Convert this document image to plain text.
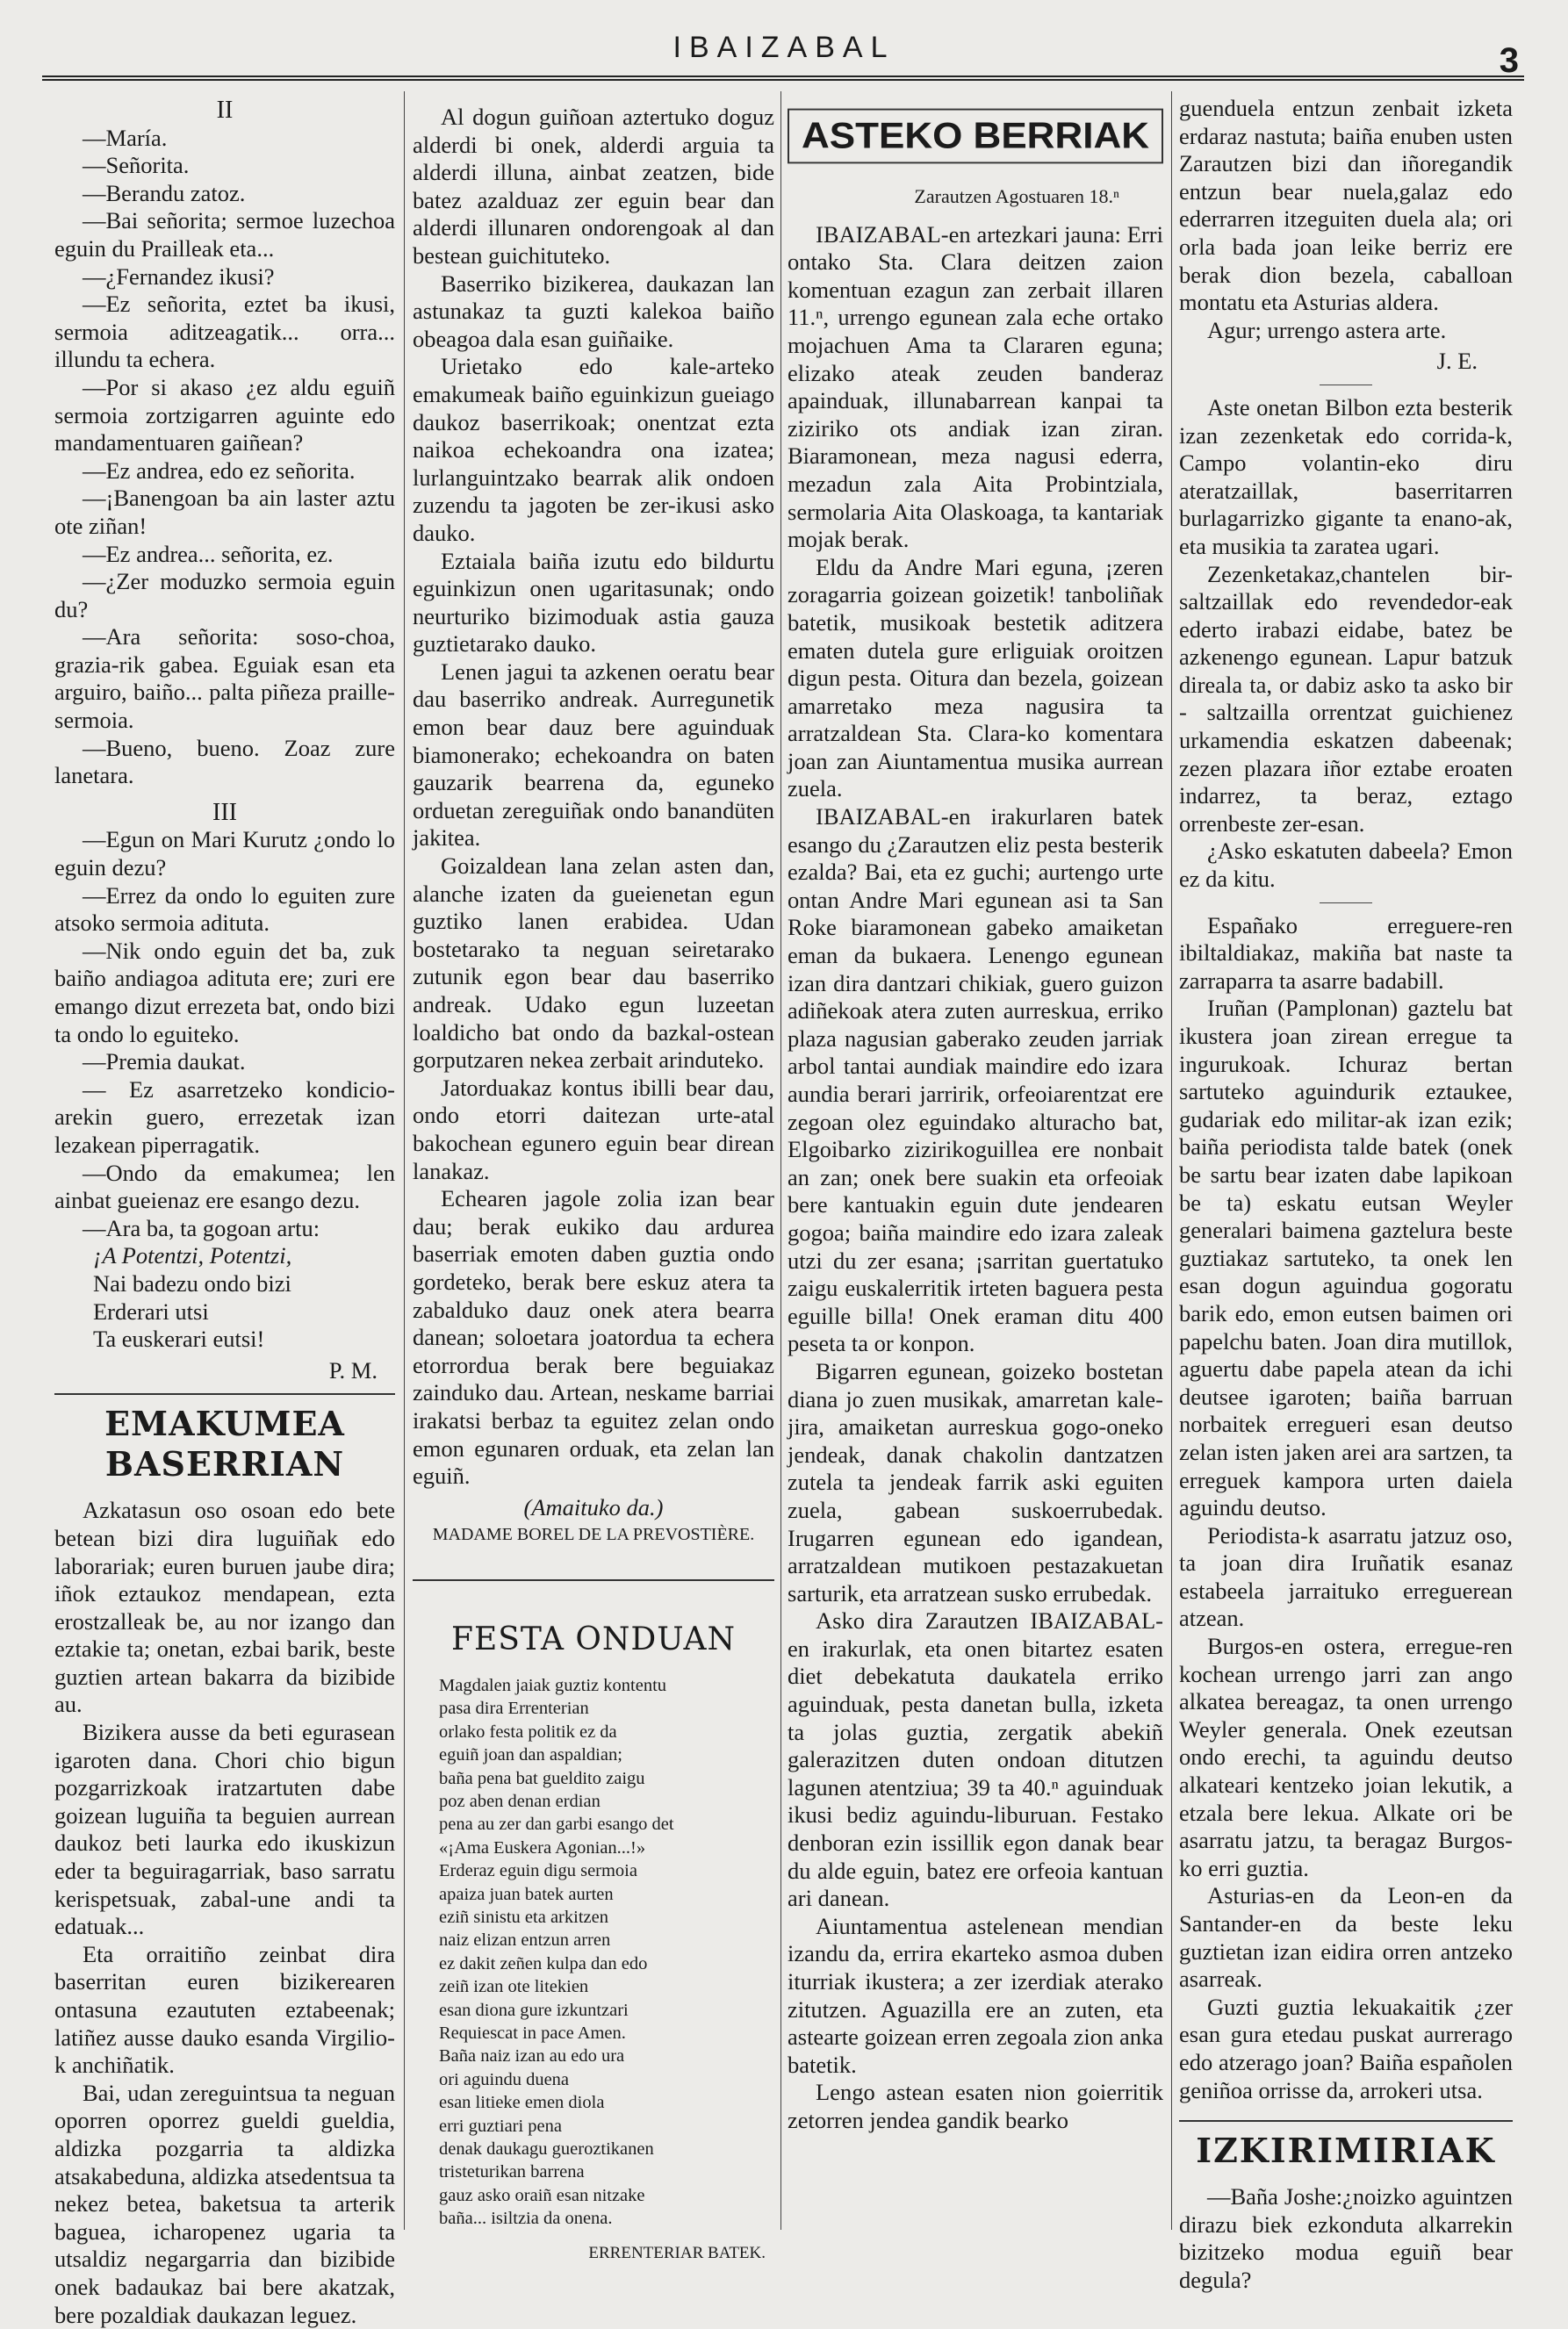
IBAIZABAL	3

II

—María.

—Señorita.

—Berandu zatoz.

—Bai señorita; sermoe luzechoa eguin du Prailleak eta...

—¿Fernandez ikusi?

—Ez señorita, eztet ba ikusi, sermoia aditzeagatik... orra... illundu ta echera.

—Por si akaso ¿ez aldu eguiñ sermoia zortzigarren aguinte edo mandamentuaren gaiñean?

—Ez andrea, edo ez señorita.

—¡Banengoan ba ain laster aztu ote ziñan!

—Ez andrea... señorita, ez.

—¿Zer moduzko sermoia eguin du?

—Ara señorita: soso-choa, grazia-rik gabea. Eguiak esan eta arguiro, baiño... palta piñeza praille-sermoia.

—Bueno, bueno. Zoaz zure lanetara.

III

—Egun on Mari Kurutz ¿ondo lo eguin dezu?

—Errez da ondo lo eguiten zure atsoko sermoia adituta.

—Nik ondo eguin det ba, zuk baiño andiagoa adituta ere; zuri ere emango dizut errezeta bat, ondo bizi ta ondo lo eguiteko.

—Premia daukat.

— Ez asarretzeko kondicio-arekin guero, errezetak izan lezakean piperragatik.

—Ondo da emakumea; len ainbat gueienaz ere esango dezu.

—Ara ba, ta gogoan artu:

¡A Potentzi, Potentzi,

Nai badezu ondo bizi

Erderari utsi

Ta euskerari eutsi!

P. M.

EMAKUMEA BASERRIAN

Azkatasun oso osoan edo bete betean bizi dira luguiñak edo laborariak; euren buruen jaube dira; iñok eztaukoz mendapean, ezta erostzalleak be, au nor izango dan eztakie ta; onetan, ezbai barik, beste guztien artean bakarra da bizibide au.

Bizikera ausse da beti egurasean igaroten dana. Chori chio bigun pozgarrizkoak iratzartuten dabe goizean luguiña ta beguien aurrean daukoz beti laurka edo ikuskizun eder ta beguiragarriak, baso sarratu kerispetsuak, zabal-une andi ta edatuak...

Eta orraitiño zeinbat dira baserritan euren bizikerearen ontasuna ezaututen eztabeenak; latiñez ausse dauko esanda Virgilio-k anchiñatik.

Bai, udan zereguintsua ta neguan oporren oporrez gueldi gueldia, aldizka pozgarria ta aldizka atsakabeduna, aldizka atsedentsua ta nekez betea, baketsua ta arterik baguea, icharopenez ugaria ta utsaldiz negargarria dan bizibide onek badaukaz bai bere akatzak, bere pozaldiak daukazan leguez.

Al dogun guiñoan aztertuko doguz alderdi bi onek, alderdi arguia ta alderdi illuna, ainbat zeatzen, bide batez azalduaz zer eguin bear dan alderdi illunaren ondorengoak al dan bestean guichituteko.

Baserriko bizikerea, daukazan lan astunakaz ta guzti kalekoa baiño obeagoa dala esan guiñaike.

Urietako edo kale-arteko emakumeak baiño eguinkizun gueiago daukoz baserrikoak; onentzat ezta naikoa echekoandra ona izatea; lurlanguintzako bearrak alik ondoen zuzendu ta jagoten be zer-ikusi asko dauko.

Eztaiala baiña izutu edo bildurtu eguinkizun onen ugaritasunak; ondo neurturiko bizimoduak astia gauza guztietarako dauko.

Lenen jagui ta azkenen oeratu bear dau baserriko andreak. Aurregunetik emon bear dauz bere aguinduak biamonerako; echekoandra on baten gauzarik bearrena da, eguneko orduetan zereguiñak ondo banandüten jakitea.

Goizaldean lana zelan asten dan, alanche izaten da gueienetan egun guztiko lanen erabidea. Udan bostetarako ta neguan seiretarako zutunik egon bear dau baserriko andreak. Udako egun luzeetan loaldicho bat ondo da bazkal-ostean gorputzaren nekea zerbait arinduteko.

Jatorduakaz kontus ibilli bear dau, ondo etorri daitezan urte-atal bakochean egunero eguin bear direan lanakaz.

Echearen jagole zolia izan bear dau; berak eukiko dau ardurea baserriak emoten daben guztia ondo gordeteko, berak bere eskuz atera ta zabalduko dauz onek atera bearra danean; soloetara joatordua ta echera etorrordua berak bere beguiakaz zainduko dau. Artean, neskame barriai irakatsi berbaz ta eguitez zelan ondo emon egunaren orduak, eta zelan lan eguiñ.

(Amaituko da.)

MADAME BOREL DE LA PREVOSTIÈRE.

FESTA ONDUAN

Magdalen jaiak guztiz kontentu

pasa dira Errenterian

orlako festa politik ez da

eguiñ joan dan aspaldian;

baña pena bat gueldito zaigu

poz aben denan erdian

pena au zer dan garbi esango det

«¡Ama Euskera Agonian...!»

Erderaz eguin digu sermoia

apaiza juan batek aurten

eziñ sinistu eta arkitzen

naiz elizan entzun arren

ez dakit zeñen kulpa dan edo

zeiñ izan ote litekien

esan diona gure izkuntzari

Requiescat in pace Amen.

Baña naiz izan au edo ura

ori aguindu duena

esan litieke emen diola

erri guztiari pena

denak daukagu gueroztikanen

tristeturikan barrena

gauz asko oraiñ esan nitzake

baña... isiltzia da onena.

ERRENTERIAR BATEK.

ASTEKO BERRIAK

Zarautzen Agostuaren 18.ⁿ

IBAIZABAL-en artezkari jauna: Erri ontako Sta. Clara deitzen zaion komentuan ezagun zan zerbait illaren 11.ⁿ, urrengo egunean zala eche ortako mojachuen Ama ta Clararen eguna; elizako ateak zeuden banderaz apainduak, illunabarrean kanpai ta ziziriko ots andiak izan ziran. Biaramonean, meza nagusi ederra, mezadun zala Aita Probintziala, sermolaria Aita Olaskoaga, ta kantariak mojak berak.

Eldu da Andre Mari eguna, ¡zeren zoragarria goizean goizetik! tanboliñak batetik, musikoak bestetik aditzera ematen dutela gure erliguiak oroitzen digun pesta. Oitura dan bezela, goizean amarretako meza nagusira ta arratzaldean Sta. Clara-ko komentara joan zan Aiuntamentua musika aurrean zuela.

IBAIZABAL-en irakurlaren batek esango du ¿Zarautzen eliz pesta besterik ezalda? Bai, eta ez guchi; aurtengo urte ontan Andre Mari egunean asi ta San Roke biaramonean gabeko amaiketan eman da bukaera. Lenengo egunean izan dira dantzari chikiak, guero guizon adiñekoak atera zuten aurreskua, erriko plaza nagusian gaberako zeuden jarriak arbol tantai aundiak maindire edo izara aundia berari jarririk, orfeoiarentzat ere zegoan olez eguindako alturacho bat, Elgoibarko zizirikoguillea ere nonbait an zan; onek bere suakin eta orfeoiak bere kantuakin eguin dute jendearen gogoa; baiña maindire edo izara zaleak utzi du zer esana; ¡sarritan guertatuko zaigu euskalerritik irteten baguera pesta eguille billa! Onek eraman ditu 400 peseta ta or konpon.

Bigarren egunean, goizeko bostetan diana jo zuen musikak, amarretan kale-jira, amaiketan aurreskua gogo-oneko jendeak, danak chakolin dantzatzen zutela ta jendeak farrik aski eguiten zuela, gabean suskoerrubedak. Irugarren egunean edo igandean, arratzaldean mutikoen pestazakuetan sarturik, eta arratzean susko errubedak.

Asko dira Zarautzen IBAIZABAL-en irakurlak, eta onen bitartez esaten diet debekatuta daukatela erriko aguinduak, pesta danetan bulla, izketa ta jolas guztia, zergatik abekiñ galerazitzen duten ondoan ditutzen lagunen atentziua; 39 ta 40.ⁿ aguinduak ikusi bediz aguindu-liburuan. Festako denboran ezin issillik egon danak bear du alde eguin, batez ere orfeoia kantuan ari danean.

Aiuntamentua astelenean mendian izandu da, errira ekarteko asmoa duben iturriak ikustera; a zer izerdiak aterako zitutzen. Aguazilla ere an zuten, eta astearte goizean erren zegoala zion anka batetik.

Lengo astean esaten nion goierritik zetorren jendea gandik bearko

guenduela entzun zenbait izketa erdaraz nastuta; baiña enuben usten Zarautzen bizi dan iñoregandik entzun bear nuela,galaz edo ederrarren itzeguiten duela ala; ori orla bada joan leike berriz ere berak dion bezela, caballoan montatu eta Asturias aldera.

Agur; urrengo astera arte.

J. E.

Aste onetan Bilbon ezta besterik izan zezenketak edo corrida-k, Campo volantin-eko diru ateratzaillak, baserritarren burlagarrizko gigante ta enano-ak, eta musikia ta zaratea ugari.

Zezenketakaz,chantelen bir-saltzaillak edo revendedor-eak ederto irabazi eidabe, batez be azkenengo egunean. Lapur batzuk direala ta, or dabiz asko ta asko bir - saltzailla orrentzat guichienez urkamendia eskatzen dabeenak; zezen plazara iñor eztabe eroaten indarrez, ta beraz, eztago orrenbeste zer-esan.

¿Asko eskatuten dabeela? Emon ez da kitu.

Españako erreguere-ren ibiltaldiakaz, makiña bat naste ta zarraparra ta asarre badabill.

Iruñan (Pamplonan) gaztelu bat ikustera joan zirean erregue ta ingurukoak. Ichuraz bertan sartuteko aguindurik eztaukee, gudariak edo militar-ak izan ezik; baiña periodista talde batek (onek be sartu bear izaten dabe lapikoan be ta) eskatu eutsan Weyler generalari baimena gaztelura beste guztiakaz sartuteko, ta onek len esan dogun aguindua gogoratu barik edo, emon eutsen baimen ori papelchu baten. Joan dira mutillok, aguertu dabe papela atean da ichi deutsee igaroten; baiña barruan norbaitek erregueri esan deutso zelan isten jaken arei ara sartzen, ta erreguek kampora urten daiela aguindu deutso.

Periodista-k asarratu jatzuz oso, ta joan dira Iruñatik esanaz estabeela jarraituko erreguerean atzean.

Burgos-en ostera, erregue-ren kochean urrengo jarri zan ango alkatea bereagaz, ta onen urrengo Weyler generala. Onek ezeutsan ondo erechi, ta aguindu deutso alkateari kentzeko joian lekutik, a etzala bere lekua. Alkate ori be asarratu jatzu, ta beragaz Burgos-ko erri guztia.

Asturias-en da Leon-en da Santander-en da beste leku guztietan izan eidira orren antzeko asarreak.

Guzti guztia lekuakaitik ¿zer esan gura etedau puskat aurrerago edo atzerago joan? Baiña españolen geniñoa orrisse da, arrokeri utsa.

IZKIRIMIRIAK

—Baña Joshe:¿noizko aguintzen dirazu biek ezkonduta alkarrekin bizitzeko modua eguiñ bear degula?
